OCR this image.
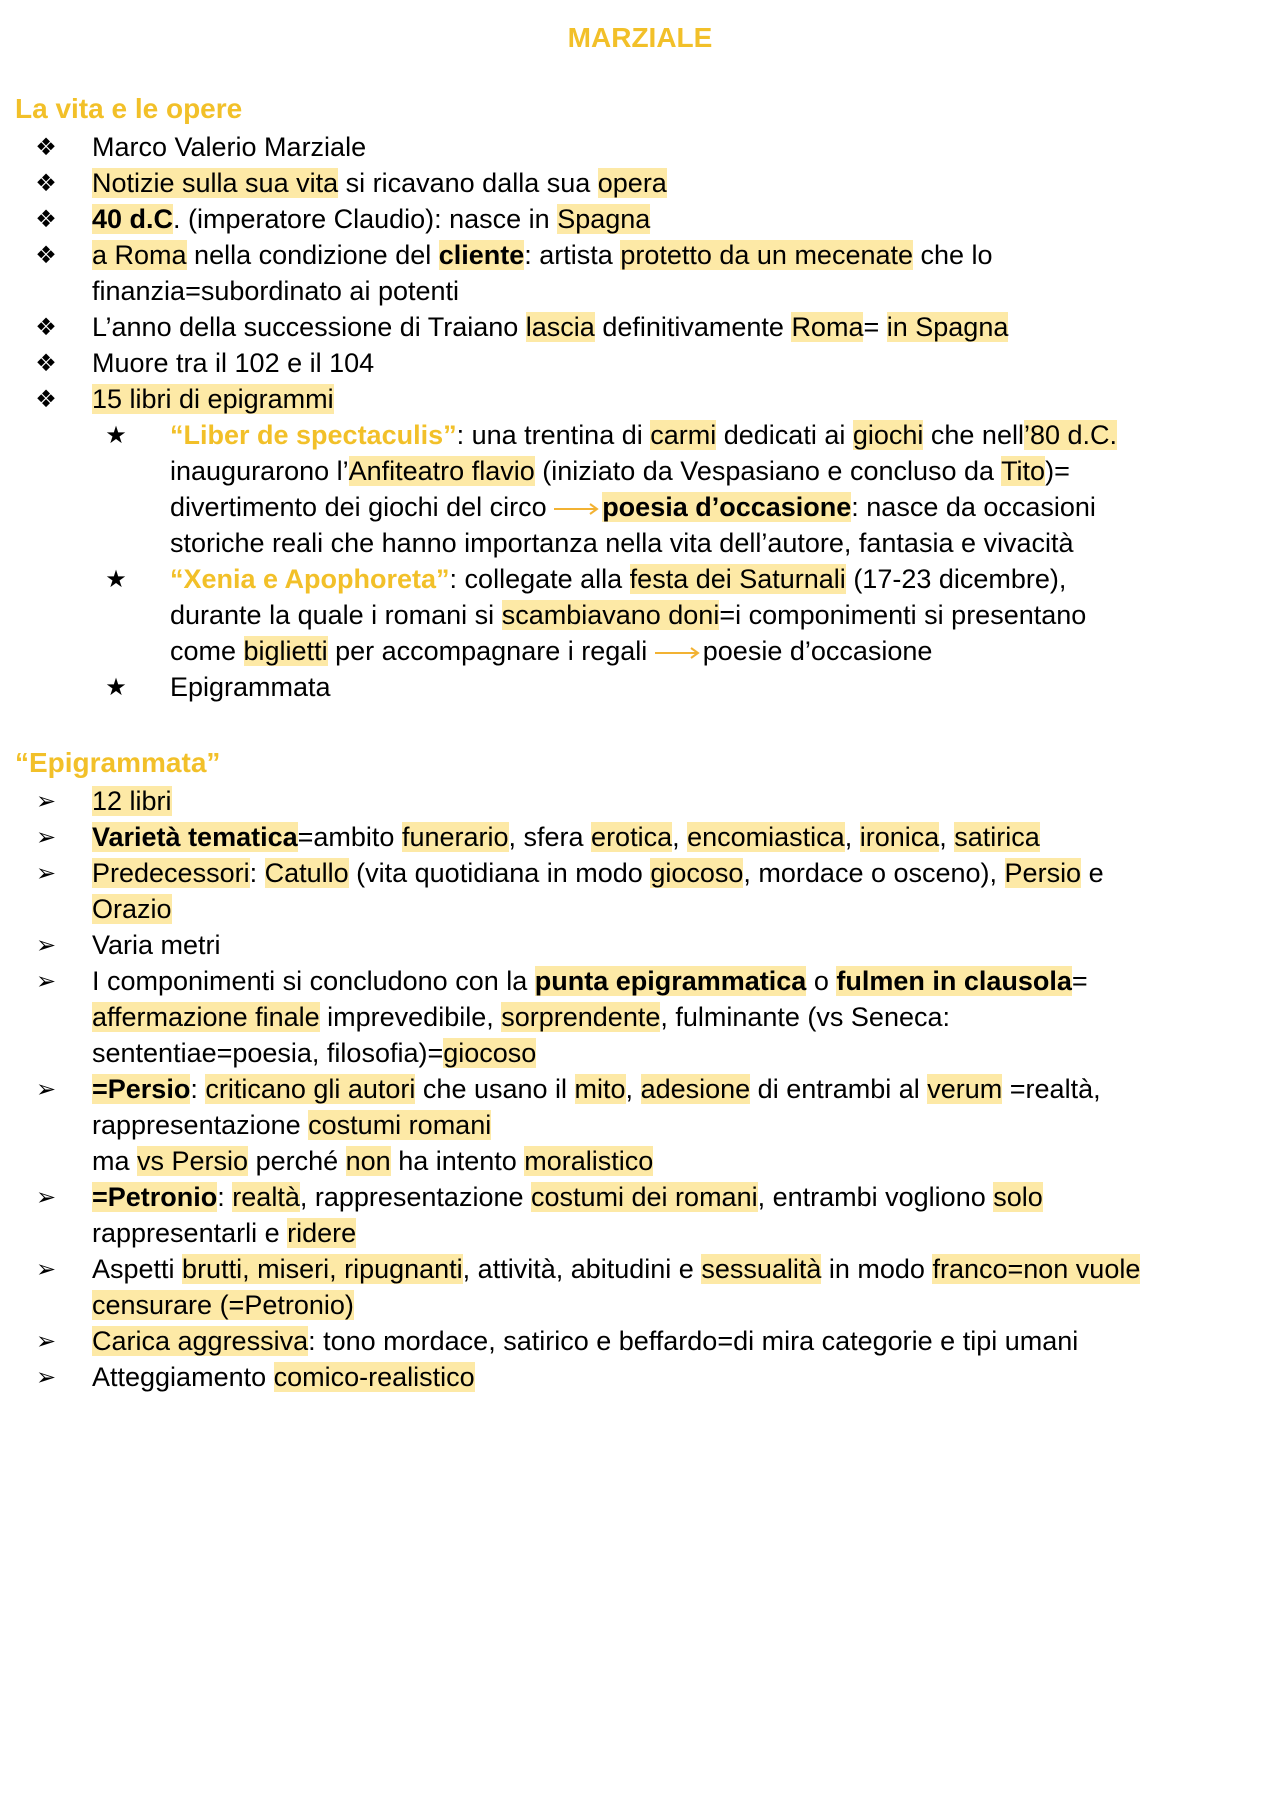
MARZIALE
La vita e le opere
❖ Marco Valerio Marziale
❖ Notizie sulla sua vita si ricavano dalla sua opera
❖ 40 d.C. (imperatore Claudio): nasce in Spagna
❖ a Roma nella condizione del cliente: artista protetto da un mecenate che lo
finanzia=subordinato ai potenti
❖ L’anno della successione di Traiano lascia definitivamente Roma= in Spagna
❖ Muore tra il 102 e il 104
❖ 15 libri di epigrammi
★ “Liber de spectaculis”: una trentina di carmi dedicati ai giochi che nell’80 d.C.
inaugurarono l’Anfiteatro flavio (iniziato da Vespasiano e concluso da Tito)=
divertimento dei giochi del circo
poesia d’occasione: nasce da occasioni
storiche reali che hanno importanza nella vita dell’autore, fantasia e vivacità
★ “Xenia e Apophoreta”: collegate alla festa dei Saturnali (17-23 dicembre),
durante la quale i romani si scambiavano doni=i componimenti si presentano
come biglietti per accompagnare i regali
poesie d’occasione
★ Epigrammata
“Epigrammata”
➢ 12 libri
➢ Varietà tematica=ambito funerario, sfera erotica, encomiastica, ironica, satirica
➢ Predecessori: Catullo (vita quotidiana in modo giocoso, mordace o osceno), Persio e
Orazio
➢ Varia metri
➢ I componimenti si concludono con la punta epigrammatica o fulmen in clausola=
affermazione finale imprevedibile, sorprendente, fulminante (vs Seneca:
sententiae=poesia, filosofia)=giocoso
➢ =Persio: criticano gli autori che usano il mito, adesione di entrambi al verum =realtà,
rappresentazione costumi romani
ma vs Persio perché non ha intento moralistico
➢ =Petronio: realtà, rappresentazione costumi dei romani, entrambi vogliono solo
rappresentarli e ridere
➢ Aspetti brutti, miseri, ripugnanti, attività, abitudini e sessualità in modo franco=non vuole
censurare (=Petronio)
➢ Carica aggressiva: tono mordace, satirico e beffardo=di mira categorie e tipi umani
➢ Atteggiamento comico-realistico
